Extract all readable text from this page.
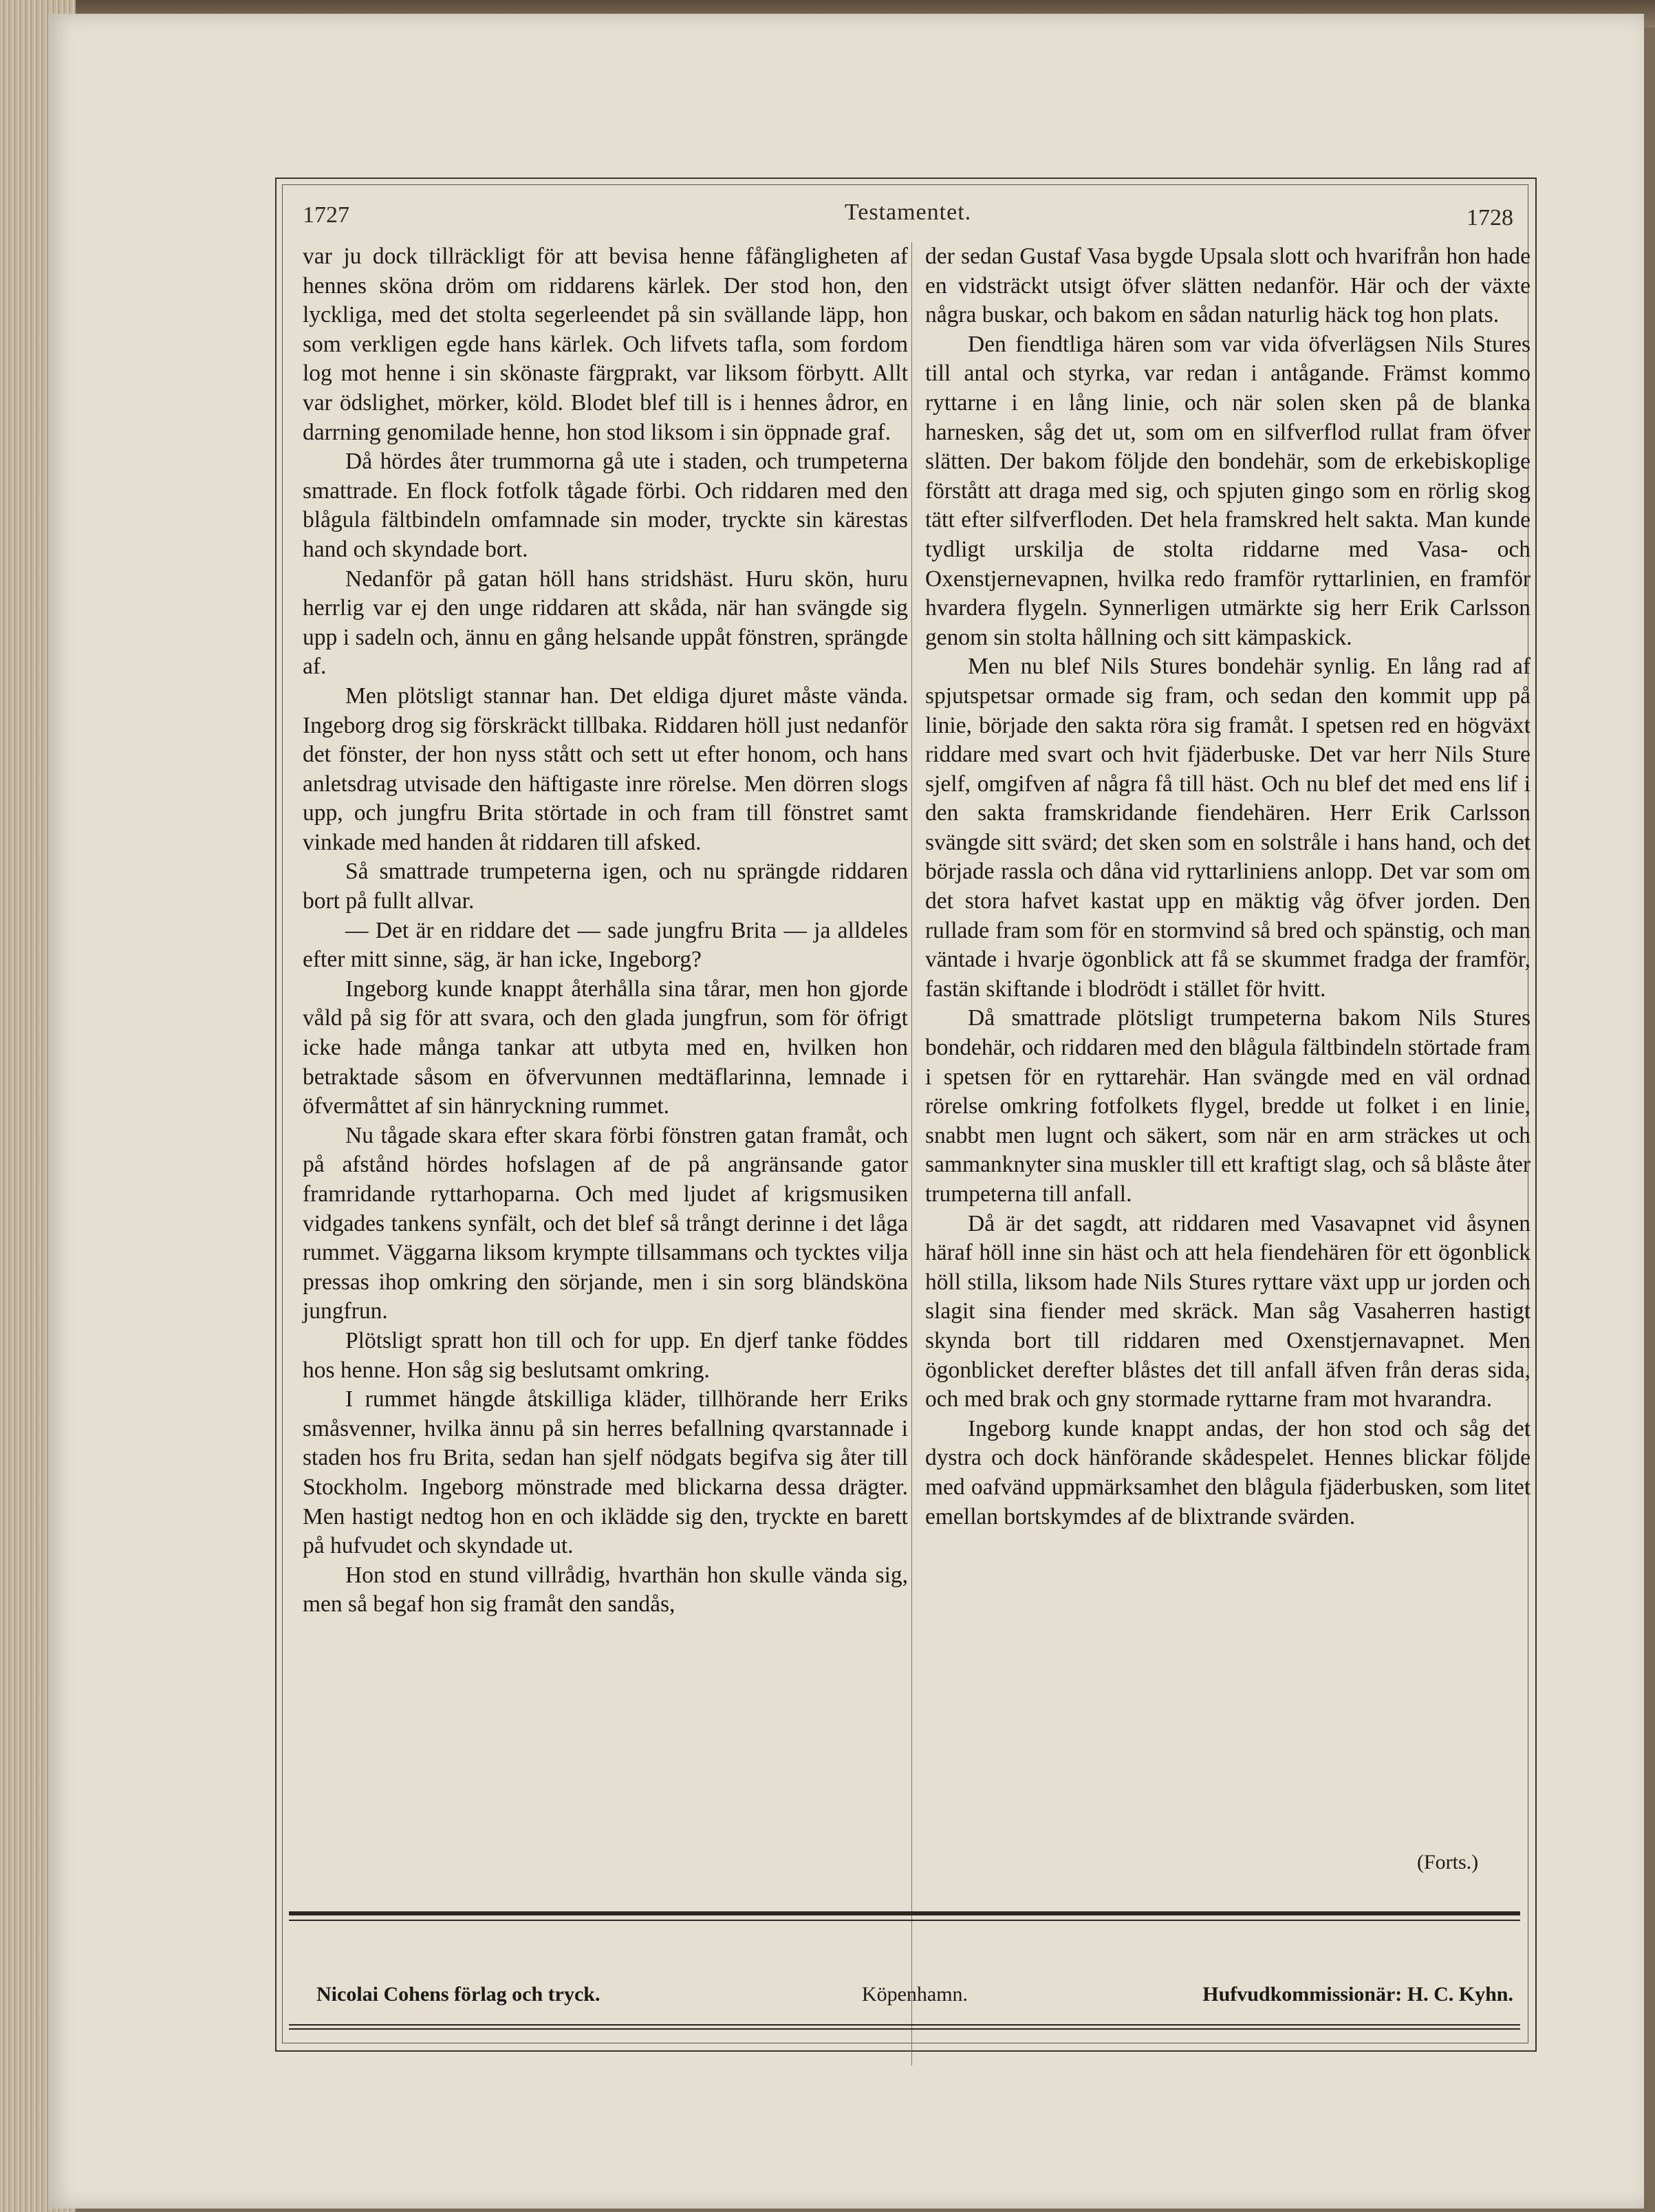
1727	Testamentet.	1728

var ju dock tillräckligt för att bevisa henne fåfängligheten af hennes sköna dröm om riddarens kärlek. Der stod hon, den lyckliga, med det stolta segerleendet på sin svällande läpp, hon som verkligen egde hans kärlek. Och lifvets tafla, som fordom log mot henne i sin skönaste färgprakt, var liksom förbytt. Allt var ödslighet, mörker, köld. Blodet blef till is i hennes ådror, en darrning genomilade henne, hon stod liksom i sin öppnade graf.

Då hördes åter trummorna gå ute i staden, och trumpeterna smattrade. En flock fotfolk tågade förbi. Och riddaren med den blågula fältbindeln omfamnade sin moder, tryckte sin kärestas hand och skyndade bort.

Nedanför på gatan höll hans stridshäst. Huru skön, huru herrlig var ej den unge riddaren att skåda, när han svängde sig upp i sadeln och, ännu en gång helsande uppåt fönstren, sprängde af.

Men plötsligt stannar han. Det eldiga djuret måste vända. Ingeborg drog sig förskräckt tillbaka. Riddaren höll just nedanför det fönster, der hon nyss stått och sett ut efter honom, och hans anletsdrag utvisade den häftigaste inre rörelse. Men dörren slogs upp, och jungfru Brita störtade in och fram till fönstret samt vinkade med handen åt riddaren till afsked.

Så smattrade trumpeterna igen, och nu sprängde riddaren bort på fullt allvar.

— Det är en riddare det — sade jungfru Brita — ja alldeles efter mitt sinne, säg, är han icke, Ingeborg?

Ingeborg kunde knappt återhålla sina tårar, men hon gjorde våld på sig för att svara, och den glada jungfrun, som för öfrigt icke hade många tankar att utbyta med en, hvilken hon betraktade såsom en öfvervunnen medtäflarinna, lemnade i öfvermåttet af sin hänryckning rummet.

Nu tågade skara efter skara förbi fönstren gatan framåt, och på afstånd hördes hofslagen af de på angränsande gator framridande ryttarhoparna. Och med ljudet af krigsmusiken vidgades tankens synfält, och det blef så trångt derinne i det låga rummet. Väggarna liksom krympte tillsammans och tycktes vilja pressas ihop omkring den sörjande, men i sin sorg bländsköna jungfrun.

Plötsligt spratt hon till och for upp. En djerf tanke föddes hos henne. Hon såg sig beslutsamt omkring.

I rummet hängde åtskilliga kläder, tillhörande herr Eriks småsvenner, hvilka ännu på sin herres befallning qvarstannade i staden hos fru Brita, sedan han sjelf nödgats begifva sig åter till Stockholm. Ingeborg mönstrade med blickarna dessa drägter. Men hastigt nedtog hon en och ikläddе sig den, tryckte en barett på hufvudet och skyndade ut.

Hon stod en stund villrådig, hvarthän hon skulle vända sig, men så begaf hon sig framåt den sandås,

der sedan Gustaf Vasa bygde Upsala slott och hvarifrån hon hade en vidsträckt utsigt öfver slätten nedanför. Här och der växte några buskar, och bakom en sådan naturlig häck tog hon plats.

Den fiendtliga hären som var vida öfverlägsen Nils Stures till antal och styrka, var redan i antågande. Främst kommo ryttarne i en lång linie, och när solen sken på de blanka harnesken, såg det ut, som om en silfverflod rullat fram öfver slätten. Der bakom följde den bondehär, som de erkebiskoplige förstått att draga med sig, och spjuten gingo som en rörlig skog tätt efter silfverfloden. Det hela framskred helt sakta. Man kunde tydligt urskilja de stolta riddarne med Vasa- och Oxenstjernevapnen, hvilka redo framför ryttarlinien, en framför hvardera flygeln. Synnerligen utmärkte sig herr Erik Carlsson genom sin stolta hållning och sitt kämpaskick.

Men nu blef Nils Stures bondehär synlig. En lång rad af spjutspetsar ormade sig fram, och sedan den kommit upp på linie, började den sakta röra sig framåt. I spetsen red en högväxt riddare med svart och hvit fjäderbuske. Det var herr Nils Sture sjelf, omgifven af några få till häst. Och nu blef det med ens lif i den sakta framskridande fiendehären. Herr Erik Carlsson svängde sitt svärd; det sken som en solstråle i hans hand, och det började rassla och dåna vid ryttarliniens anlopp. Det var som om det stora hafvet kastat upp en mäktig våg öfver jorden. Den rullade fram som för en stormvind så bred och spänstig, och man väntade i hvarje ögonblick att få se skummet fradga der framför, fastän skiftande i blodrödt i stället för hvitt.

Då smattrade plötsligt trumpeterna bakom Nils Stures bondehär, och riddaren med den blågula fältbindeln störtade fram i spetsen för en ryttarehär. Han svängde med en väl ordnad rörelse omkring fotfolkets flygel, bredde ut folket i en linie, snabbt men lugnt och säkert, som när en arm sträckes ut och sammanknyter sina muskler till ett kraftigt slag, och så blåste åter trumpeterna till anfall.

Då är det sagdt, att riddaren med Vasavapnet vid åsynen häraf höll inne sin häst och att hela fiendehären för ett ögonblick höll stilla, liksom hade Nils Stures ryttare växt upp ur jorden och slagit sina fiender med skräck. Man såg Vasaherren hastigt skynda bort till riddaren med Oxenstjernavapnet. Men ögonblicket derefter blåstes det till anfall äfven från deras sida, och med brak och gny stormade ryttarne fram mot hvarandra.

Ingeborg kunde knappt andas, der hon stod och såg det dystra och dock hänförande skådespelet. Hennes blickar följde med oafvänd uppmärksamhet den blågula fjäderbusken, som litet emellan bortskymdes af de blixtrande svärden.

(Forts.)
Nicolai Cohens förlag och tryck.	Köpenhamn.	Hufvudkommissionär: H. C. Kyhn.
